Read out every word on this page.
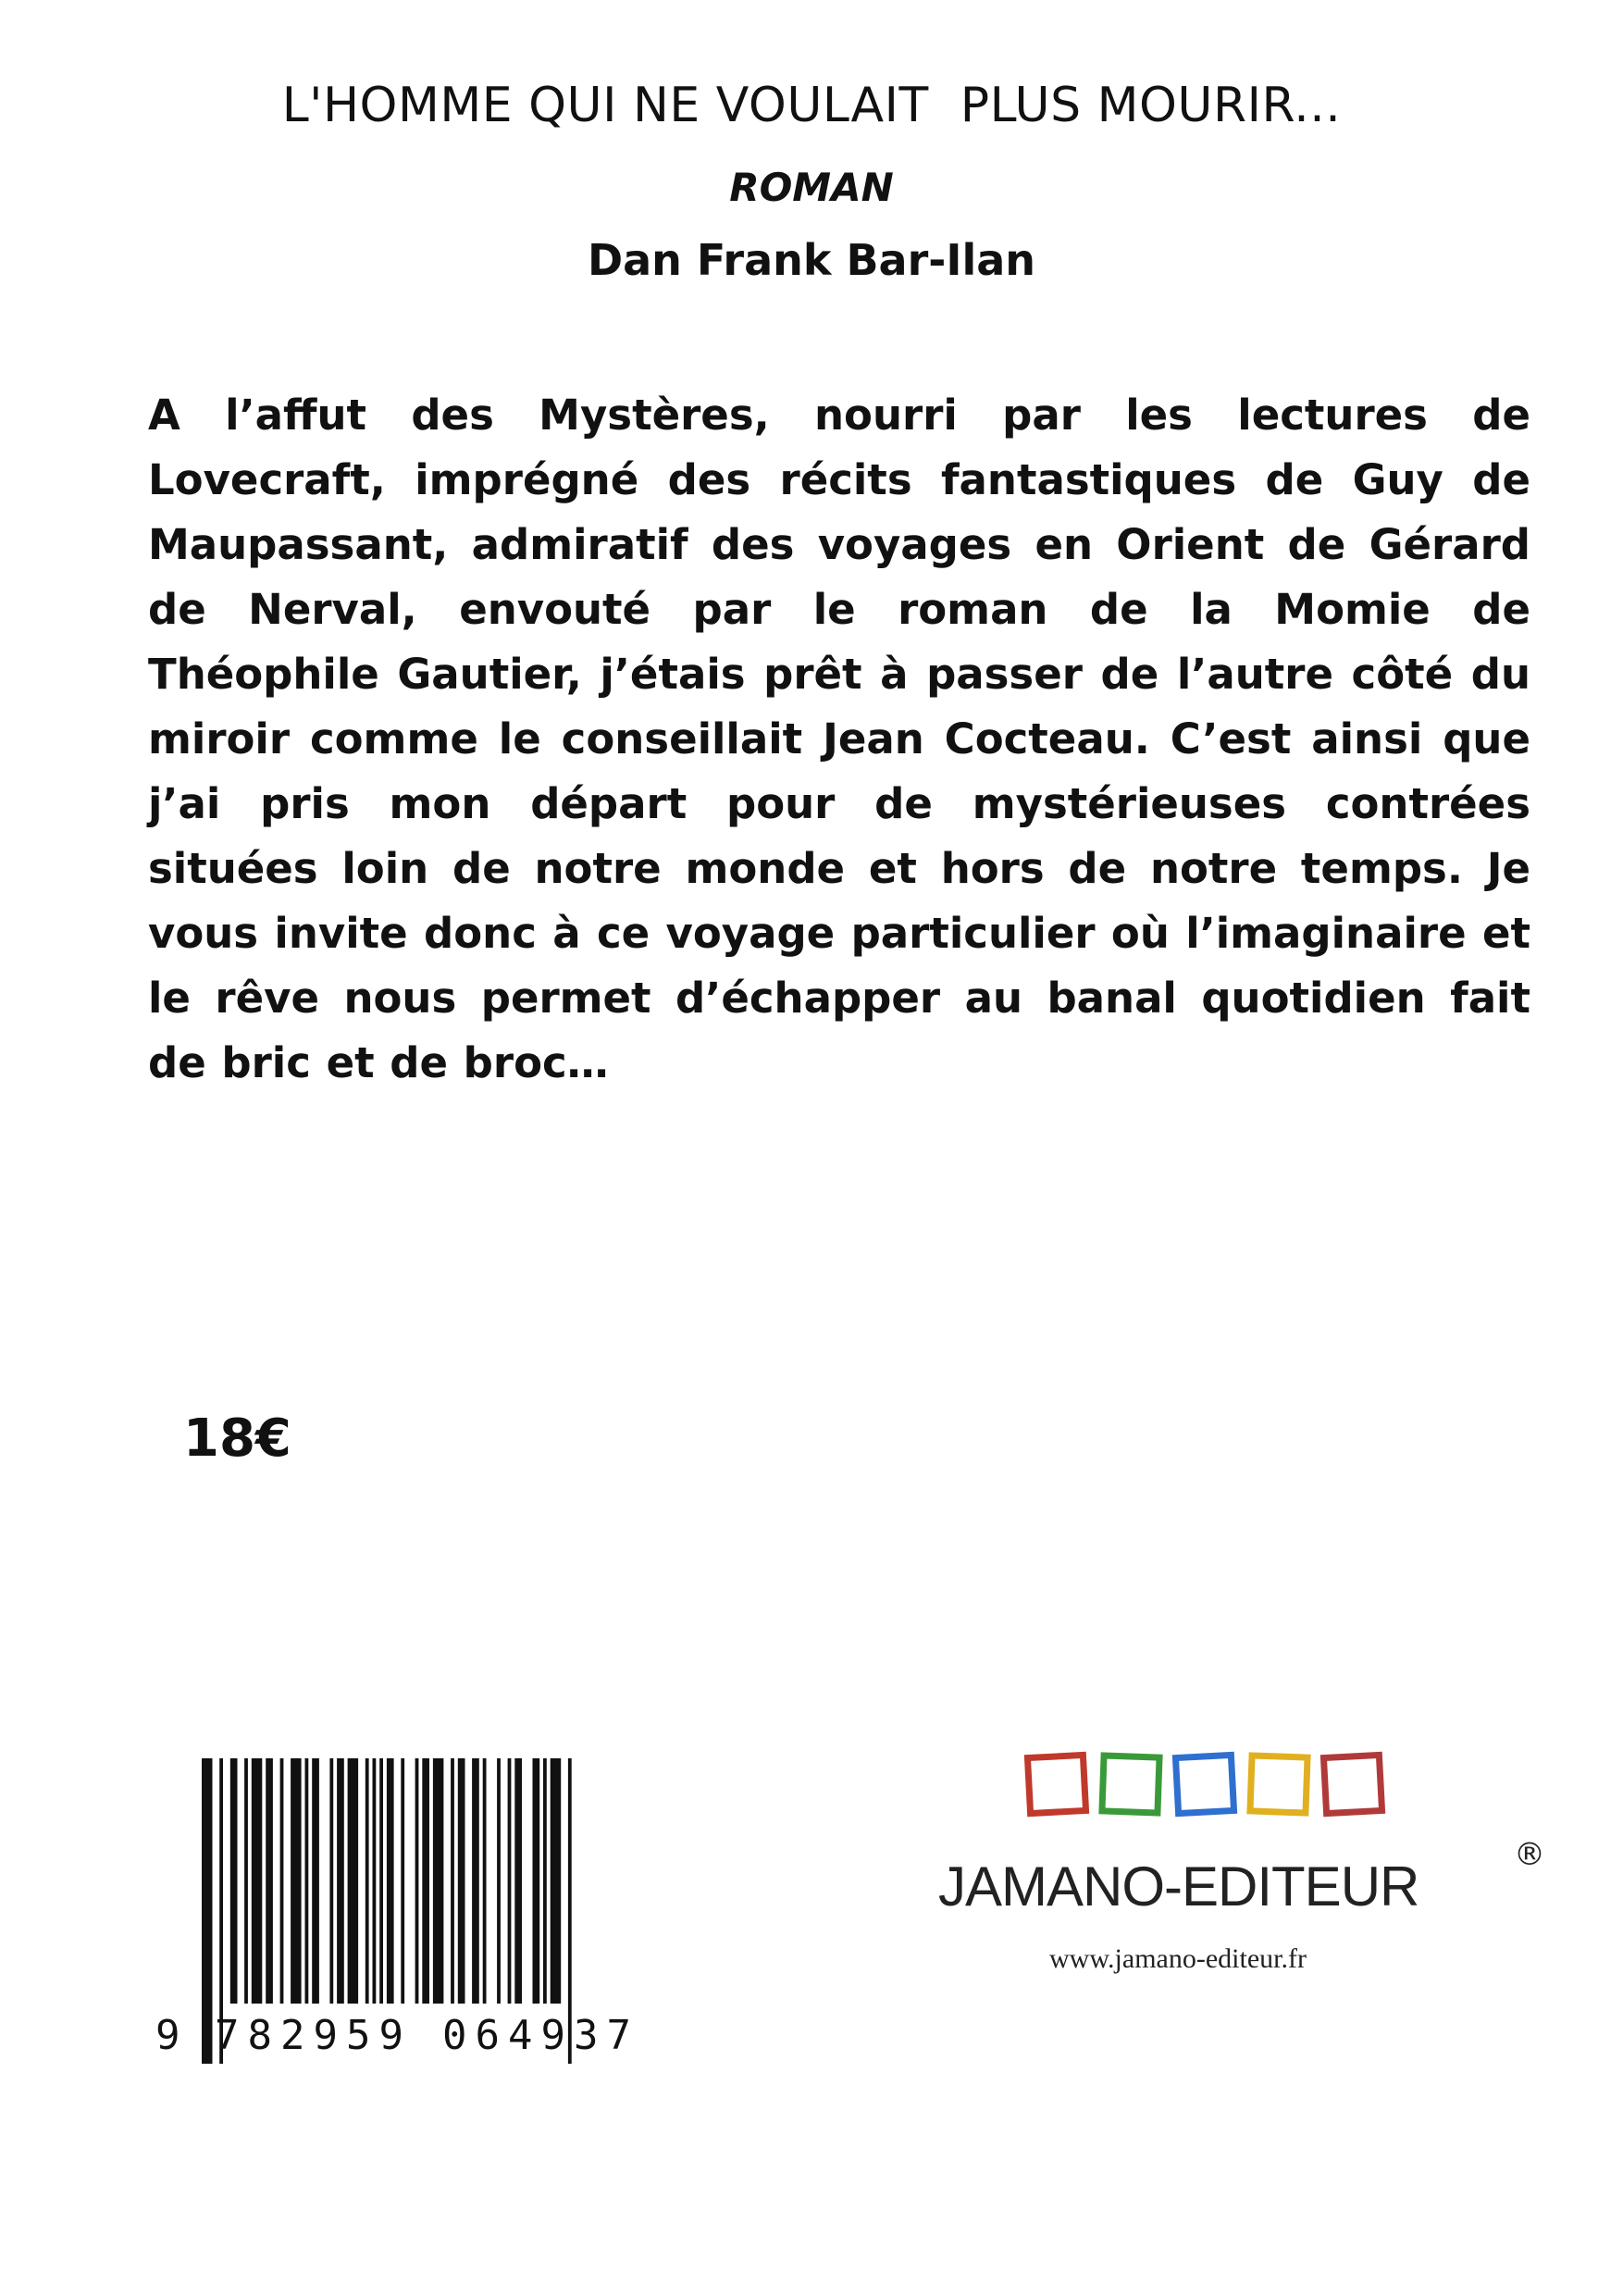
L'HOMME QUI NE VOULAIT  PLUS MOURIR...
ROMAN
Dan Frank Bar-Ilan

A l’affut des Mystères, nourri par les lectures de Lovecraft, imprégné des récits fantastiques de Guy de Maupassant, admiratif des voyages en Orient de Gérard de Nerval, envouté par le roman de la Momie de Théophile Gautier, j’étais prêt à passer de l’autre côté du miroir comme le conseillait Jean Cocteau. C’est ainsi que j’ai pris mon départ pour de mystérieuses contrées situées loin de notre monde et hors de notre temps. Je vous invite donc à ce voyage particulier où l’imaginaire et le rêve nous permet d’échapper au banal quotidien fait de bric et de broc…

18€
9 782959 064937
JAMANO-EDITEUR
®
www.jamano-editeur.fr
